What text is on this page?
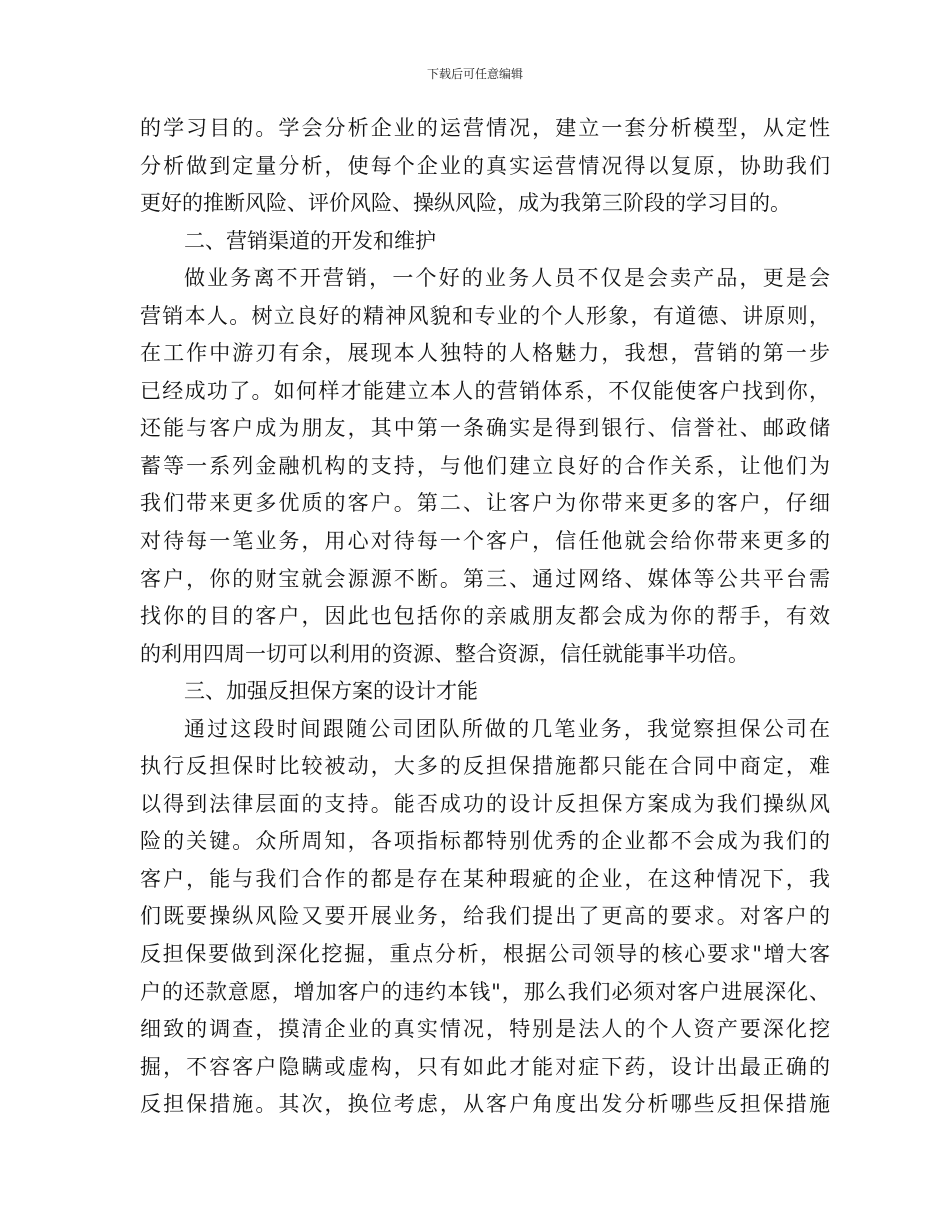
下载后可任意编辑
的学习目的。学会分析企业的运营情况，建立一套分析模型，从定性
分析做到定量分析，使每个企业的真实运营情况得以复原，协助我们
更好的推断风险、评价风险、操纵风险，成为我第三阶段的学习目的。
二、营销渠道的开发和维护
做业务离不开营销，一个好的业务人员不仅是会卖产品，更是会
营销本人。树立良好的精神风貌和专业的个人形象，有道德、讲原则，
在工作中游刃有余，展现本人独特的人格魅力，我想，营销的第一步
已经成功了。如何样才能建立本人的营销体系，不仅能使客户找到你，
还能与客户成为朋友，其中第一条确实是得到银行、信誉社、邮政储
蓄等一系列金融机构的支持，与他们建立良好的合作关系，让他们为
我们带来更多优质的客户。第二、让客户为你带来更多的客户，仔细
对待每一笔业务，用心对待每一个客户，信任他就会给你带来更多的
客户，你的财宝就会源源不断。第三、通过网络、媒体等公共平台需
找你的目的客户，因此也包括你的亲戚朋友都会成为你的帮手，有效
的利用四周一切可以利用的资源、整合资源，信任就能事半功倍。
三、加强反担保方案的设计才能
通过这段时间跟随公司团队所做的几笔业务，我觉察担保公司在
执行反担保时比较被动，大多的反担保措施都只能在合同中商定，难
以得到法律层面的支持。能否成功的设计反担保方案成为我们操纵风
险的关键。众所周知，各项指标都特别优秀的企业都不会成为我们的
客户，能与我们合作的都是存在某种瑕疵的企业，在这种情况下，我
们既要操纵风险又要开展业务，给我们提出了更高的要求。对客户的
反担保要做到深化挖掘，重点分析，根据公司领导的核心要求"增大客
户的还款意愿，增加客户的违约本钱"，那么我们必须对客户进展深化、
细致的调查，摸清企业的真实情况，特别是法人的个人资产要深化挖
掘，不容客户隐瞒或虚构，只有如此才能对症下药，设计出最正确的
反担保措施。其次，换位考虑，从客户角度出发分析哪些反担保措施
